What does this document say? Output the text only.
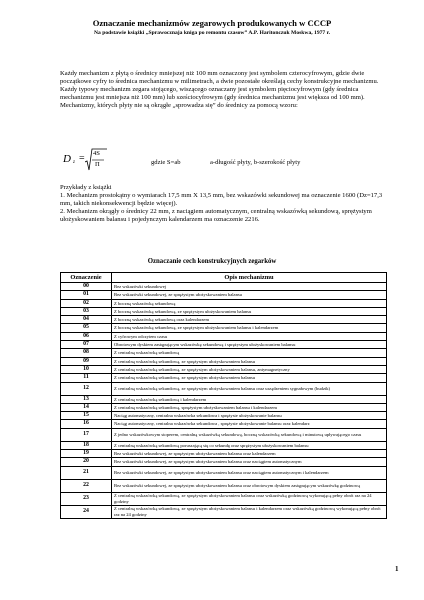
Oznaczanie mechanizmów zegarowych produkowanych w CCCP
Na podstawie książki „Sprawocznaja kniga po remontu czasow” A.P. Haritonczuk Moskwa, 1977 r.

Każdy mechanizm z płytą o średnicy mniejszej niż 100 mm oznaczony jest symbolem czterocyfrowym, gdzie dwie początkowe cyfry to średnica mechanizmu w milimetrach, a dwie pozostałe określają cechy konstrukcyjne mechanizmu.

Każdy typowy mechanizm zegara stojącego, wiszącego oznaczany jest symbolem pięciocyfrowym (gdy średnica mechanizmu jest mniejsza niż 100 mm) lub sześciocyfrowym (gdy średnica mechanizmu jest większa od 100 mm).

Mechanizmy, których płyty nie są okrągłe „sprowadza się” do średnicy za pomocą wzoru:

D z = 4S
Π	gdzie S=ab	a-długość płyty, b-szerokość płyty

Przykłady z książki

1. Mechanizm prostokątny o wymiarach 17,5 mm X 13,5 mm, bez wskazówki sekundowej ma oznaczenie 1600 (Dz=17,3 mm, takich niekonsekwencji będzie więcej).

2. Mechanizm okrągły o średnicy 22 mm, z naciągiem automatycznym, centralną wskazówką sekundową, sprężystym ułożyskowaniem balansu i pojedynczym kalendarzem ma oznaczenie 2216.

Oznaczanie cech konstrukcyjnych zegarków
Oznaczenie	Opis mechanizmu
00	Bez wskazówki sekundowej
01	Bez wskazówki sekundowej, ze sprężystym ułożyskowaniem balansu
02	Z boczną wskazówką sekundową
03	Z boczną wskazówką sekundową, ze sprężystym ułożyskowaniem balansu
04	Z boczną wskazówką sekundową oraz kalendarzem
05	Z boczną wskazówką sekundową, ze sprężystym ułożyskowaniem balansu i kalendarzem
06	Z cyfrowym odczytem czasu
07	Obrotowym dyskiem zastępującym wskazówkę sekundową i sprężystym ułożyskowaniem balansu
08	Z centralną wskazówką sekundową
09	Z centralną wskazówką sekundową, ze sprężystym ułożyskowaniem balansu
10	Z centralną wskazówką sekundową, ze sprężystym ułożyskowaniem balansu, antymagnetyczny
11	Z centralną wskazówką sekundową, ze sprężystym ułożyskowaniem balansu
12	Z centralną wskazówką sekundową, ze sprężystym ułożyskowaniem balansu oraz urządzeniem sygnałowym (budzik)
13	Z centralną wskazówką sekundową i kalendarzem
14	Z centralną wskazówką sekundową, sprężystym ułożyskowaniem balansu i kalendarzem
15	Naciąg automatyczny, centralna wskazówka sekundowa i sprężyste ułożyskowanie balansu
16	Naciąg automatyczny, centralna wskazówka sekundowa , sprężyste ułożyskowanie balansu oraz kalendarz
17	Z jedno wskazówkowym stoperem, centralną wskazówką sekundową, boczną wskazówką sekundową i minutową upływającego czasu
18	Z centralną wskazówką sekundową poruszającą się co sekundę oraz sprężystym ułożyskowaniem balansu
19	Bez wskazówki sekundowej, ze sprężystym ułożyskowaniem balansu oraz kalendarzem
20	Bez wskazówki sekundowej, ze sprężystym ułożyskowaniem balansu oraz naciągiem automatycznym
21	Bez wskazówki sekundowej, ze sprężystym ułożyskowaniem balansu oraz naciągiem automatycznym i kalendarzem
22	Bez wskazówki sekundowej, ze sprężystym ułożyskowaniem balansu oraz obrotowym dyskiem zastępującym wskazówkę godzinową
23	Z centralną wskazówką sekundową, ze sprężystym ułożyskowaniem balansu oraz wskazówką godzinową wykonującą pełny obrót raz na 24 godziny
24	Z centralną wskazówką sekundową, ze sprężystym ułożyskowaniem balansu i kalendarzem oraz wskazówką godzinową wykonującą pełny obrót raz na 24 godziny
1
